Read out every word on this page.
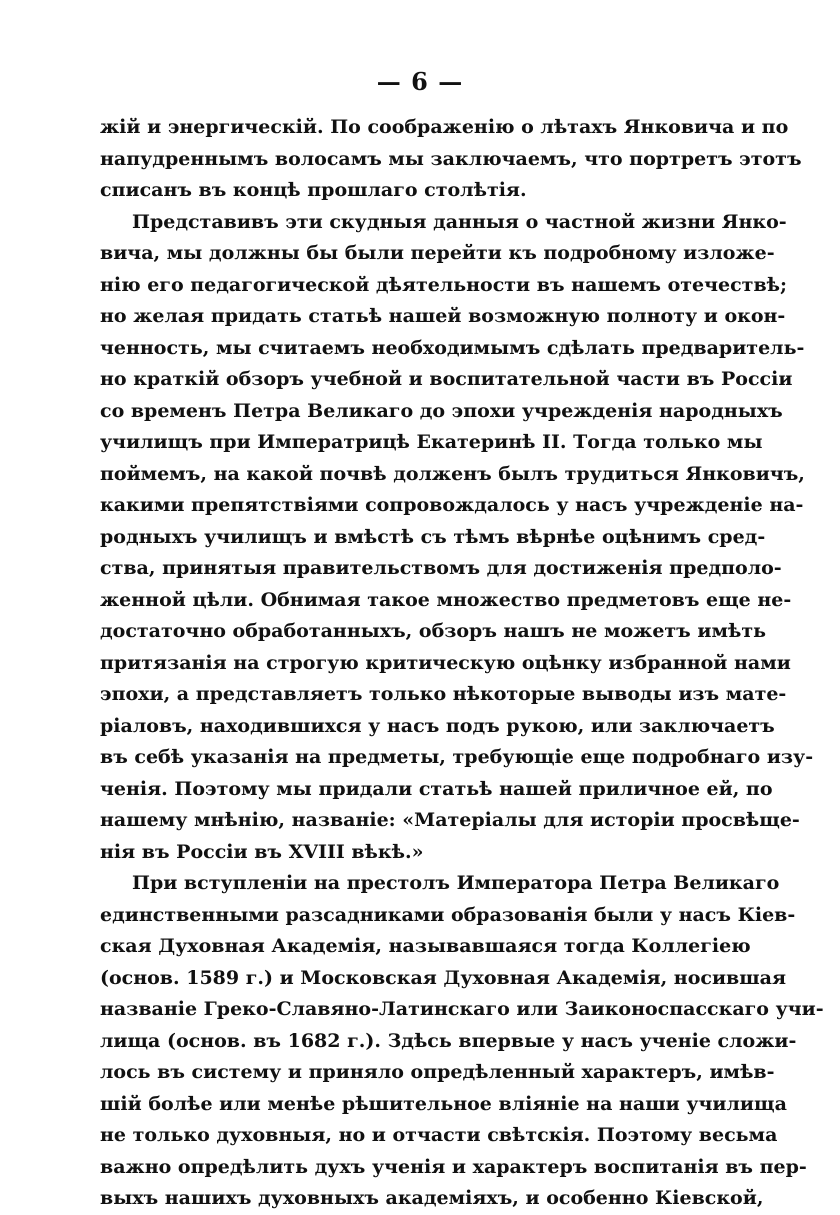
— 6 —
жій и энергическій. По соображенію о лѣтахъ Янковича и по
напудреннымъ волосамъ мы заключаемъ, что портретъ этотъ
списанъ въ концѣ прошлаго столѣтія.
Представивъ эти скудныя данныя о частной жизни Янко-
вича, мы должны бы были перейти къ подробному изложе-
нію его педагогической дѣятельности въ нашемъ отечествѣ;
но желая придать статьѣ нашей возможную полноту и окон-
ченность, мы считаемъ необходимымъ сдѣлать предваритель-
но краткій обзоръ учебной и воспитательной части въ Россіи
со временъ Петра Великаго до эпохи учрежденія народныхъ
училищъ при Императрицѣ Екатеринѣ II. Тогда только мы
поймемъ, на какой почвѣ долженъ былъ трудиться Янковичъ,
какими препятствіями сопровождалось у насъ учрежденіе на-
родныхъ училищъ и вмѣстѣ съ тѣмъ вѣрнѣе оцѣнимъ сред-
ства, принятыя правительствомъ для достиженія предполо-
женной цѣли. Обнимая такое множество предметовъ еще не-
достаточно обработанныхъ, обзоръ нашъ не можетъ имѣть
притязанія на строгую критическую оцѣнку избранной нами
эпохи, а представляетъ только нѣкоторые выводы изъ мате-
ріаловъ, находившихся у насъ подъ рукою, или заключаетъ
въ себѣ указанія на предметы, требующіе еще подробнаго изу-
ченія. Поэтому мы придали статьѣ нашей приличное ей, по
нашему мнѣнію, названіе: «Матеріалы для исторіи просвѣще-
нія въ Россіи въ XVIII вѣкѣ.»
При вступленіи на престолъ Императора Петра Великаго
единственными разсадниками образованія были у насъ Кіев-
ская Духовная Академія, называвшаяся тогда Коллегіею
(основ. 1589 г.) и Московская Духовная Академія, носившая
названіе Греко-Славяно-Латинскаго или Заиконоспасскаго учи-
лища (основ. въ 1682 г.). Здѣсь впервые у насъ ученіе сложи-
лось въ систему и приняло опредѣленный характеръ, имѣв-
шій болѣе или менѣе рѣшительное вліяніе на наши училища
не только духовныя, но и отчасти свѣтскія. Поэтому весьма
важно опредѣлить духъ ученія и характеръ воспитанія въ пер-
выхъ нашихъ духовныхъ академіяхъ, и особенно Кіевской,
